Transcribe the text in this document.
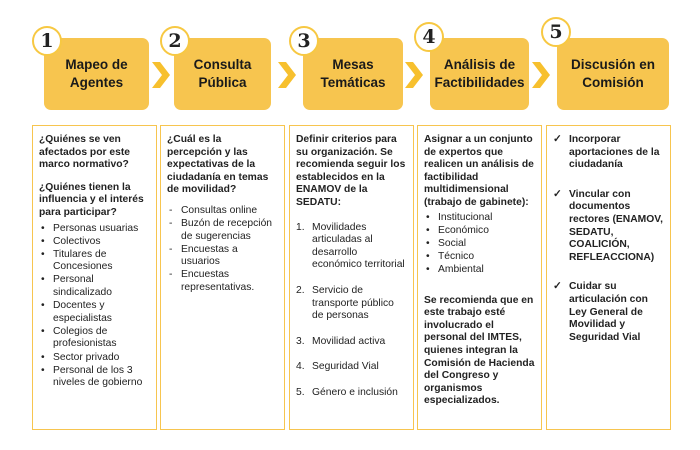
1
Mapeo de Agentes
2
Consulta Pública
3
Mesas Temáticas
4
Análisis de Factibilidades
5
Discusión en Comisión
¿Quiénes se ven afectados por este marco normativo?
¿Quiénes tienen la influencia y el interés para participar?
• Personas usuarias
• Colectivos
• Titulares de Concesiones
• Personal sindicalizado
• Docentes y especialistas
• Colegios de profesionistas
• Sector privado
• Personal de los 3 niveles de gobierno
¿Cuál es la percepción y las expectativas de la ciudadanía en temas de movilidad?
- Consultas online
- Buzón de recepción de sugerencias
- Encuestas a usuarios
- Encuestas representativas.
Definir criterios para su organización. Se recomienda seguir los establecidos en la ENAMOV de la SEDATU:
1. Movilidades articuladas al desarrollo económico territorial
2. Servicio de transporte público de personas
3. Movilidad activa
4. Seguridad Vial
5. Género e inclusión
Asignar a un conjunto de expertos que realicen un análisis de factibilidad multidimensional (trabajo de gabinete):
• Institucional
• Económico
• Social
• Técnico
• Ambiental
Se recomienda que en este trabajo esté involucrado el personal del IMTES, quienes integran la Comisión de Hacienda del Congreso y organismos especializados.
✓ Incorporar aportaciones de la ciudadanía
✓ Vincular con documentos rectores (ENAMOV, SEDATU, COALICIÓN, REFLEACCIONA)
✓ Cuidar su articulación con Ley General de Movilidad y Seguridad Vial
